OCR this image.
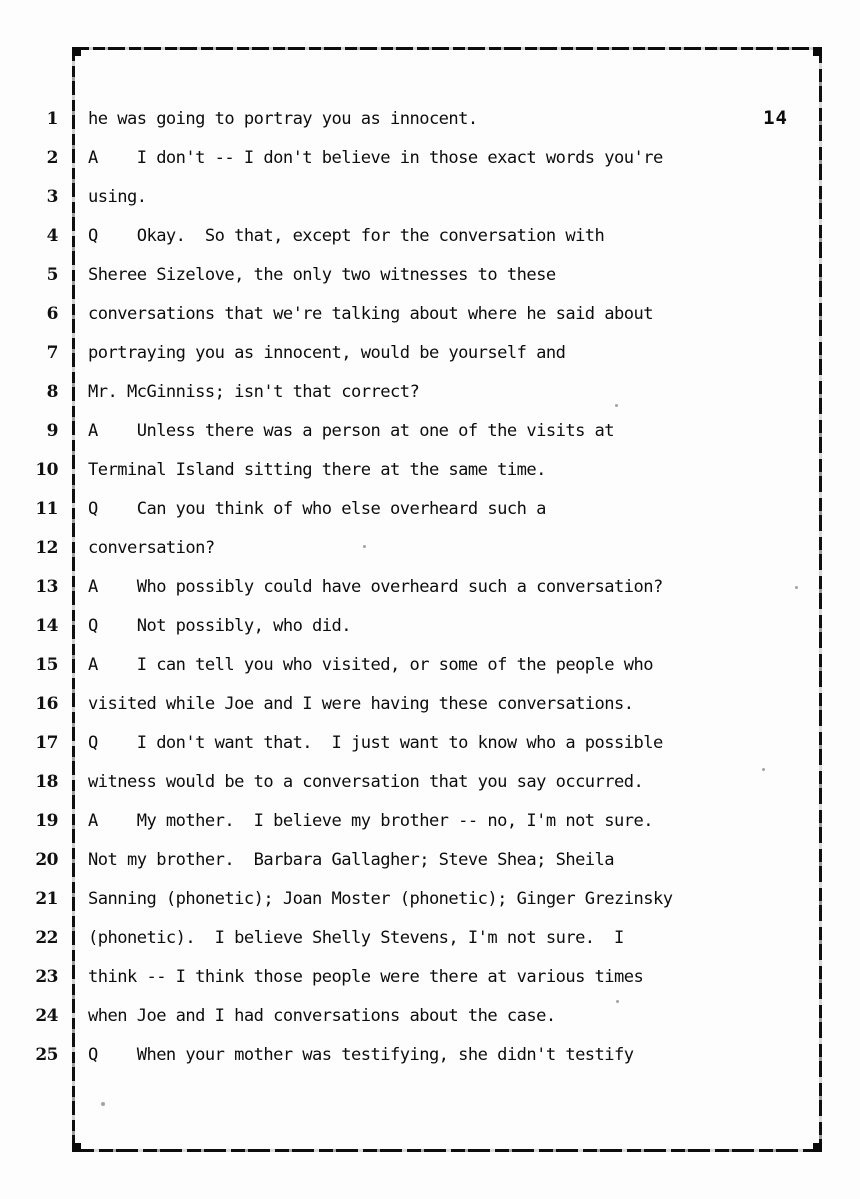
14
1
2
3
4
5
6
7
8
9
10
11
12
13
14
15
16
17
18
19
20
21
22
23
24
25
he was going to portray you as innocent.
A    I don't -- I don't believe in those exact words you're
using.
Q    Okay.  So that, except for the conversation with
Sheree Sizelove, the only two witnesses to these
conversations that we're talking about where he said about
portraying you as innocent, would be yourself and
Mr. McGinniss; isn't that correct?
A    Unless there was a person at one of the visits at
Terminal Island sitting there at the same time.
Q    Can you think of who else overheard such a
conversation?
A    Who possibly could have overheard such a conversation?
Q    Not possibly, who did.
A    I can tell you who visited, or some of the people who
visited while Joe and I were having these conversations.
Q    I don't want that.  I just want to know who a possible
witness would be to a conversation that you say occurred.
A    My mother.  I believe my brother -- no, I'm not sure.
Not my brother.  Barbara Gallagher; Steve Shea; Sheila
Sanning (phonetic); Joan Moster (phonetic); Ginger Grezinsky
(phonetic).  I believe Shelly Stevens, I'm not sure.  I
think -- I think those people were there at various times
when Joe and I had conversations about the case.
Q    When your mother was testifying, she didn't testify
